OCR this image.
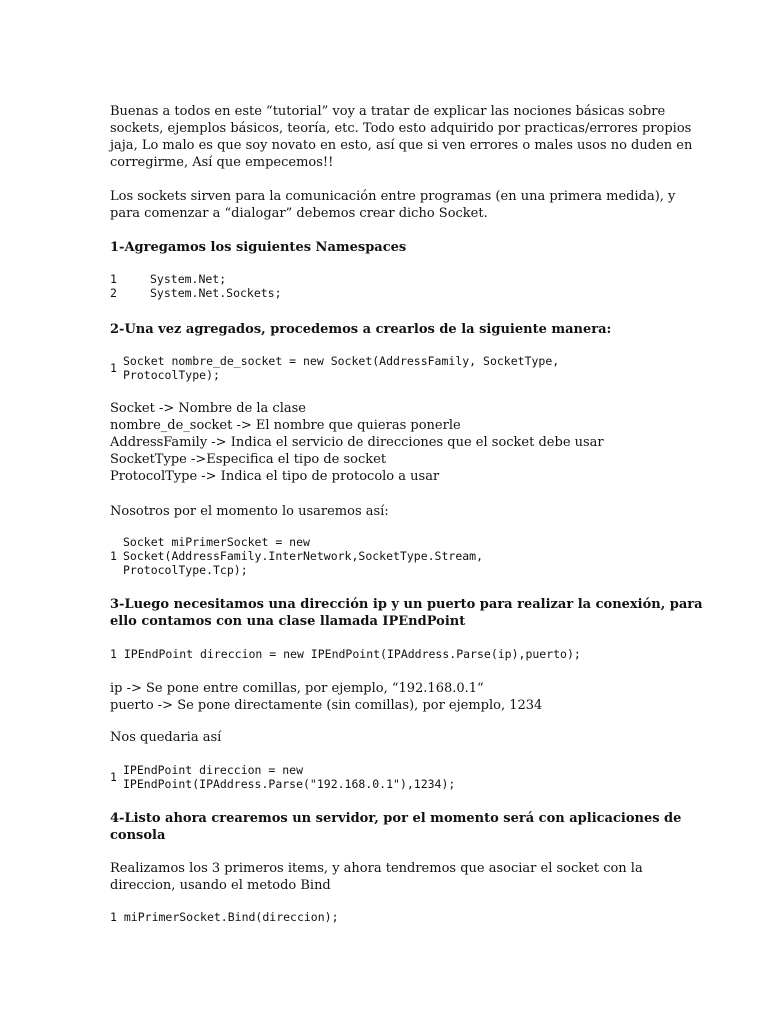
Buenas a todos en este “tutorial” voy a tratar de explicar las nociones básicas sobre
sockets, ejemplos básicos, teoría, etc. Todo esto adquirido por practicas/errores propios
jaja, Lo malo es que soy novato en esto, así que si ven errores o males usos no duden en
corregirme, Así que empecemos!!
Los sockets sirven para la comunicación entre programas (en una primera medida), y
para comenzar a “dialogar” debemos crear dicho Socket.
1-Agregamos los siguientes Namespaces
1	System.Net;
2	System.Net.Sockets;
2-Una vez agregados, procedemos a crearlos de la siguiente manera:
1 Socket nombre_de_socket = new Socket(AddressFamily, SocketType,
ProtocolType);
Socket -> Nombre de la clase
nombre_de_socket -> El nombre que quieras ponerle
AddressFamily -> Indica el servicio de direcciones que el socket debe usar
SocketType ->Especifica el tipo de socket
ProtocolType -> Indica el tipo de protocolo a usar
Nosotros por el momento lo usaremos así:
1
Socket miPrimerSocket = new
Socket(AddressFamily.InterNetwork,SocketType.Stream,
ProtocolType.Tcp);
3-Luego necesitamos una dirección ip y un puerto para realizar la conexión, para
ello contamos con una clase llamada IPEndPoint
1 IPEndPoint direccion = new IPEndPoint(IPAddress.Parse(ip),puerto);
ip -> Se pone entre comillas, por ejemplo, “192.168.0.1“
puerto -> Se pone directamente (sin comillas), por ejemplo, 1234
Nos quedaria así
1 IPEndPoint direccion = new
IPEndPoint(IPAddress.Parse("192.168.0.1"),1234);
4-Listo ahora crearemos un servidor, por el momento será con aplicaciones de
consola
Realizamos los 3 primeros items, y ahora tendremos que asociar el socket con la
direccion, usando el metodo Bind
1 miPrimerSocket.Bind(direccion);
